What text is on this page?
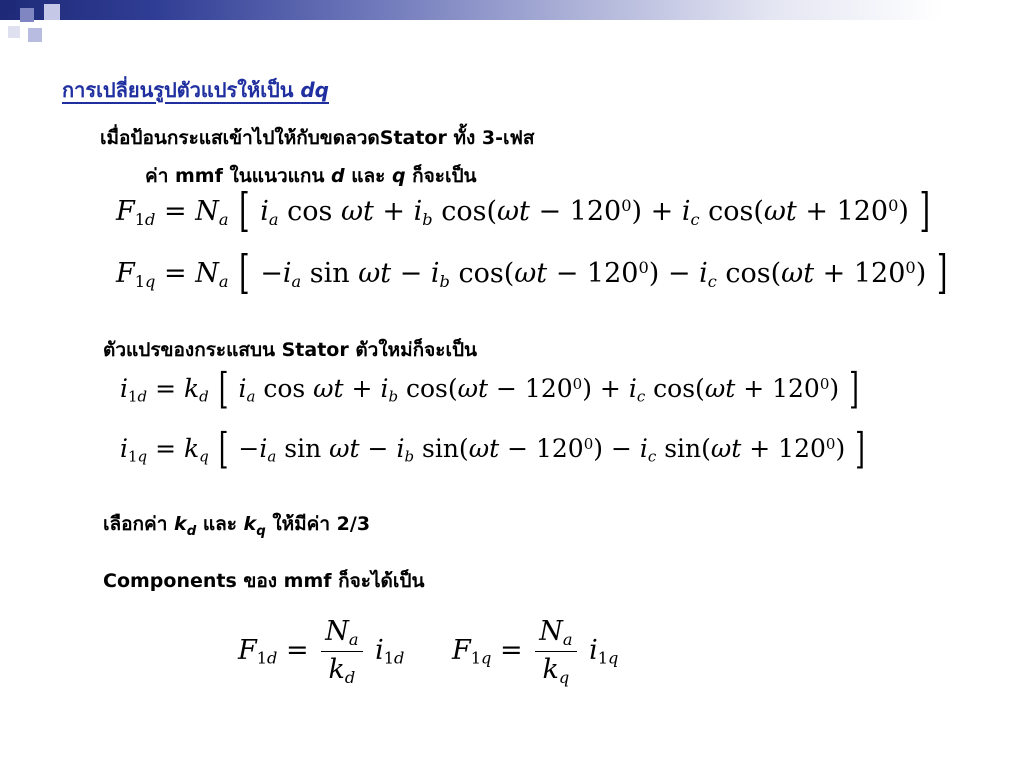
การเปลี่ยนรูปตัวแปรให้เป็น dq
เมื่อป้อนกระแสเข้าไปให้กับขดลวดStator ทั้ง 3-เฟส
ค่า mmf ในแนวแกน d และ q ก็จะเป็น
$F_{1d} = N_a$ [ $i_a$ $\cos \omega t + i_b$ $\cos(\omega t - 120^0) + i_c$ $\cos(\omega t + 120^0)$ ]
$F_{1q} = N_a$ [ $-i_a$ $\sin \omega t - i_b$ $\cos(\omega t - 120^0) - i_c$ $\cos(\omega t + 120^0)$ ]
ตัวแปรของกระแสบน Stator ตัวใหม่ก็จะเป็น
$i_{1d} = k_d$ [ $i_a$ $\cos \omega t + i_b$ $\cos(\omega t - 120^0) + i_c$ $\cos(\omega t + 120^0)$ ]
$i_{1q} = k_q$ [ $-i_a$ $\sin \omega t - i_b$ $\sin(\omega t - 120^0) - i_c$ $\sin(\omega t + 120^0)$ ]
เลือกค่า $k_d$ และ $k_q$ ให้มีค่า 2/3
Components ของ mmf ก็จะได้เป็น
$F_{1d} = \frac{N_a}{k_d} i_{1d}$ $F_{1q} = \frac{N_a}{k_q} i_{1q}$
